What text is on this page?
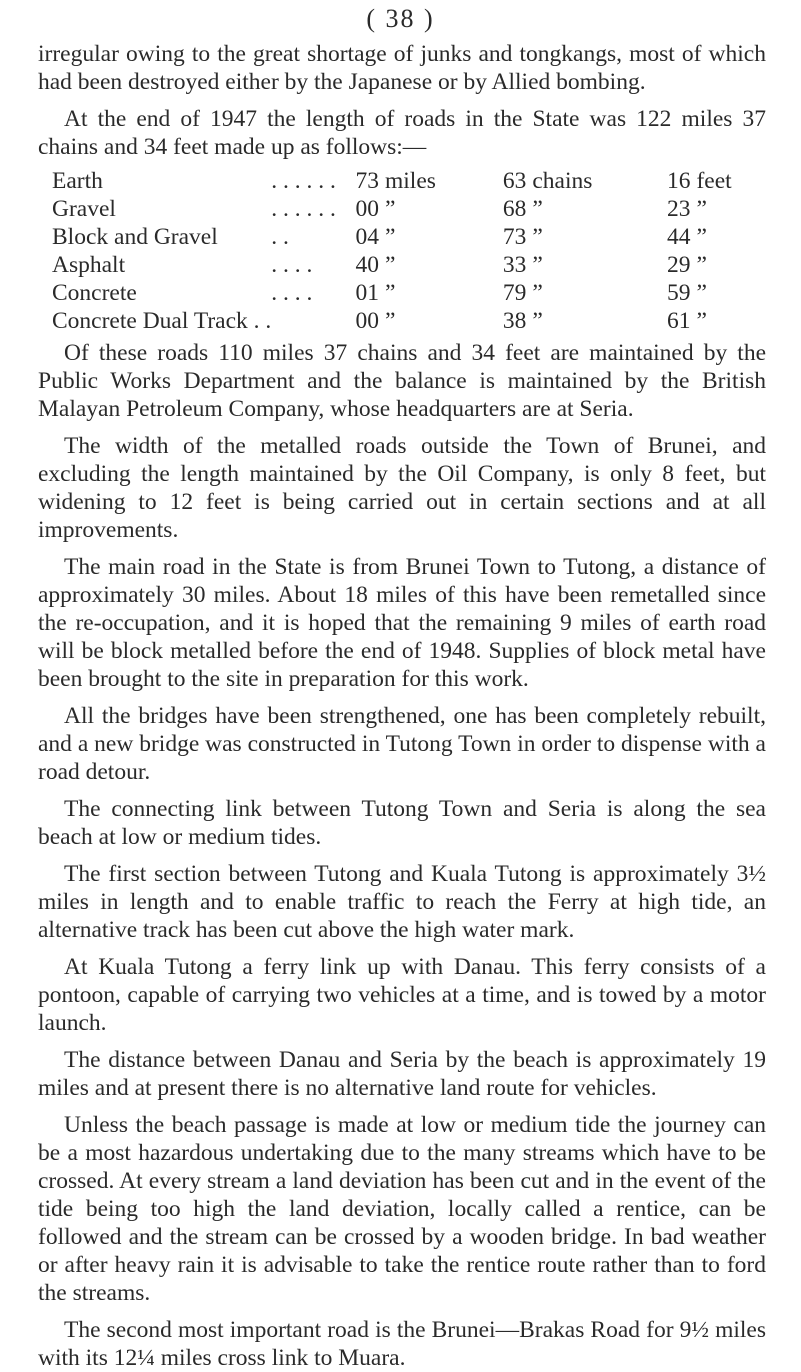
( 38 )

irregular owing to the great shortage of junks and tongkangs, most of which had been destroyed either by the Japanese or by Allied bombing.

At the end of 1947 the length of roads in the State was 122 miles 37 chains and 34 feet made up as follows:—

Earth	. . . . . .	73	miles	63	chains	16	feet
Gravel	. . . . . .	00	”	68	”	23	”
Block and Gravel	. .	04	”	73	”	44	”
Asphalt	. . . .	40	”	33	”	29	”
Concrete	. . . .	01	”	79	”	59	”
Concrete Dual Track . .		00	”	38	”	61	”

Of these roads 110 miles 37 chains and 34 feet are maintained by the Public Works Department and the balance is maintained by the British Malayan Petroleum Company, whose headquarters are at Seria.

The width of the metalled roads outside the Town of Brunei, and excluding the length maintained by the Oil Company, is only 8 feet, but widening to 12 feet is being carried out in certain sections and at all improvements.

The main road in the State is from Brunei Town to Tutong, a distance of approximately 30 miles. About 18 miles of this have been remetalled since the re-occupation, and it is hoped that the remaining 9 miles of earth road will be block metalled before the end of 1948. Supplies of block metal have been brought to the site in preparation for this work.

All the bridges have been strengthened, one has been completely rebuilt, and a new bridge was constructed in Tutong Town in order to dispense with a road detour.

The connecting link between Tutong Town and Seria is along the sea beach at low or medium tides.

The first section between Tutong and Kuala Tutong is approximately 3½ miles in length and to enable traffic to reach the Ferry at high tide, an alternative track has been cut above the high water mark.

At Kuala Tutong a ferry link up with Danau. This ferry consists of a pontoon, capable of carrying two vehicles at a time, and is towed by a motor launch.

The distance between Danau and Seria by the beach is approximately 19 miles and at present there is no alternative land route for vehicles.

Unless the beach passage is made at low or medium tide the journey can be a most hazardous undertaking due to the many streams which have to be crossed. At every stream a land deviation has been cut and in the event of the tide being too high the land deviation, locally called a rentice, can be followed and the stream can be crossed by a wooden bridge. In bad weather or after heavy rain it is advisable to take the rentice route rather than to ford the streams.

The second most important road is the Brunei—Brakas Road for 9½ miles with its 12¼ miles cross link to Muara.
